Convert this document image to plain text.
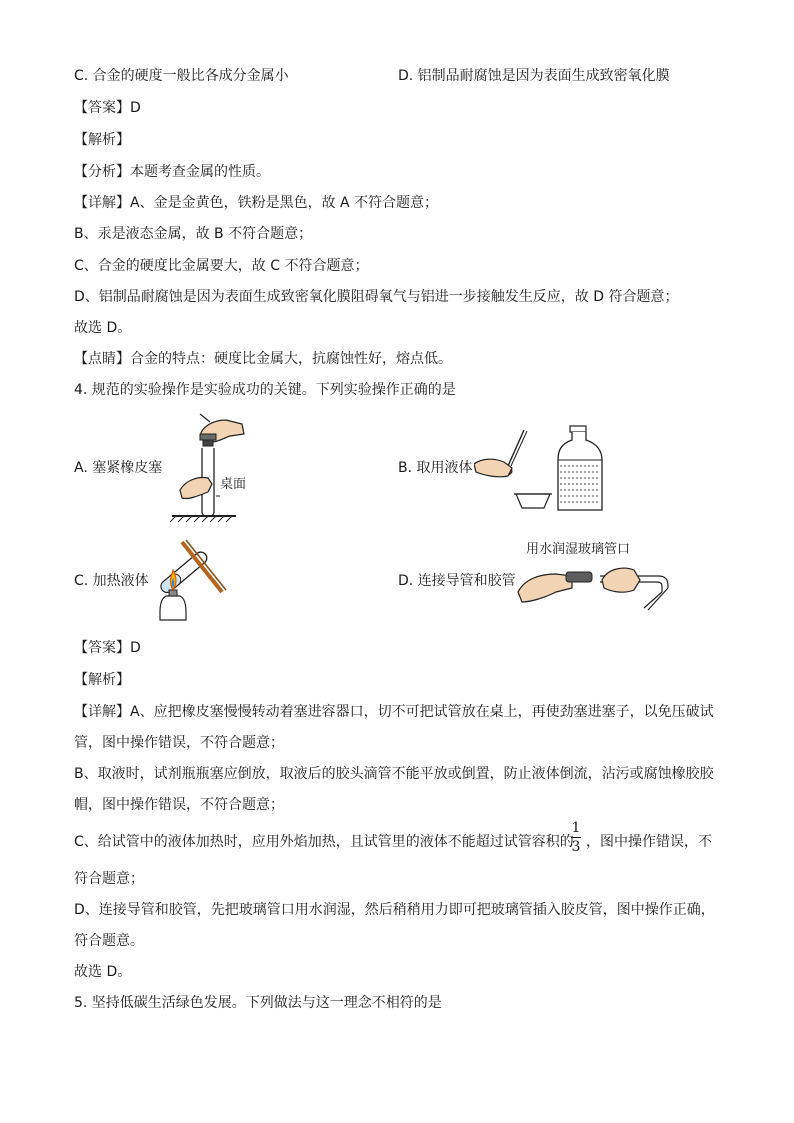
C. 合金的硬度一般比各成分金属小	D. 铝制品耐腐蚀是因为表面生成致密氧化膜
【答案】D
【解析】
【分析】本题考查金属的性质。
【详解】A、金是金黄色，铁粉是黑色，故 A 不符合题意；
B、汞是液态金属，故 B 不符合题意；
C、合金的硬度比金属要大，故 C 不符合题意；
D、铝制品耐腐蚀是因为表面生成致密氧化膜阻碍氧气与铝进一步接触发生反应，故 D 符合题意；
故选 D。
【点睛】合金的特点：硬度比金属大，抗腐蚀性好，熔点低。
4. 规范的实验操作是实验成功的关键。下列实验操作正确的是
A. 塞紧橡皮塞
桌面
B. 取用液体
C. 加热液体	D. 连接导管和胶管
用水润湿玻璃管口
【答案】D
【解析】
【详解】A、应把橡皮塞慢慢转动着塞进容器口，切不可把试管放在桌上，再使劲塞进塞子，以免压破试
管，图中操作错误，不符合题意；
B、取液时，试剂瓶瓶塞应倒放，取液后的胶头滴管不能平放或倒置，防止液体倒流，沾污或腐蚀橡胶胶
帽，图中操作错误，不符合题意；
C、给试管中的液体加热时，应用外焰加热，且试管里的液体不能超过试管容积的
1
3 ，图中操作错误，不
符合题意；
D、连接导管和胶管，先把玻璃管口用水润湿，然后稍稍用力即可把玻璃管插入胶皮管，图中操作正确，
符合题意。
故选 D。
5. 坚持低碳生活绿色发展。下列做法与这一理念不相符的是
